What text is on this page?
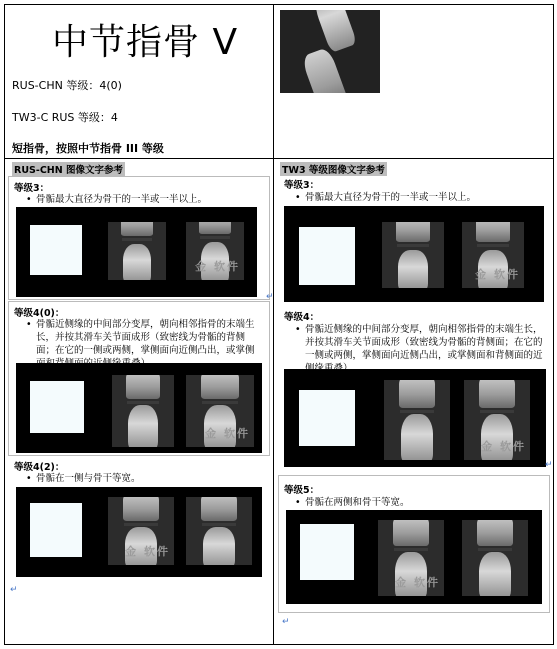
中节指骨 V
RUS-CHN 等级：4(0)
TW3-C RUS 等级：4
短指骨，按照中节指骨 III 等级
RUS-CHN 图像文字参考
等级3：
• 骨骺最大直径为骨干的一半或一半以上。
金 软件
↵
等级4(0)：
• 骨骺近侧缘的中间部分变厚，朝向相邻指骨的末端生长，并按其滑车关节面成形（致密线为骨骺的背侧面；在它的一侧或两侧，掌侧面向近侧凸出，或掌侧
金 软件
等级4(2)：
• 骨骺在一侧与骨干等宽。
金 软件
↵
TW3 等级图像文字参考
等级3：
• 骨骺最大直径为骨干的一半或一半以上。
金 软件
等级4：
• 骨骺近侧缘的中间部分变厚，朝向相邻指骨的末端生长，并按其滑车关节面成形（致密线为骨骺的背侧面；在它的一侧或两侧，掌侧面向近侧凸出，或掌侧面和背侧面的近
金 软件
↵
等级5：
• 骨骺在两侧和骨干等宽。
金 软件
↵
